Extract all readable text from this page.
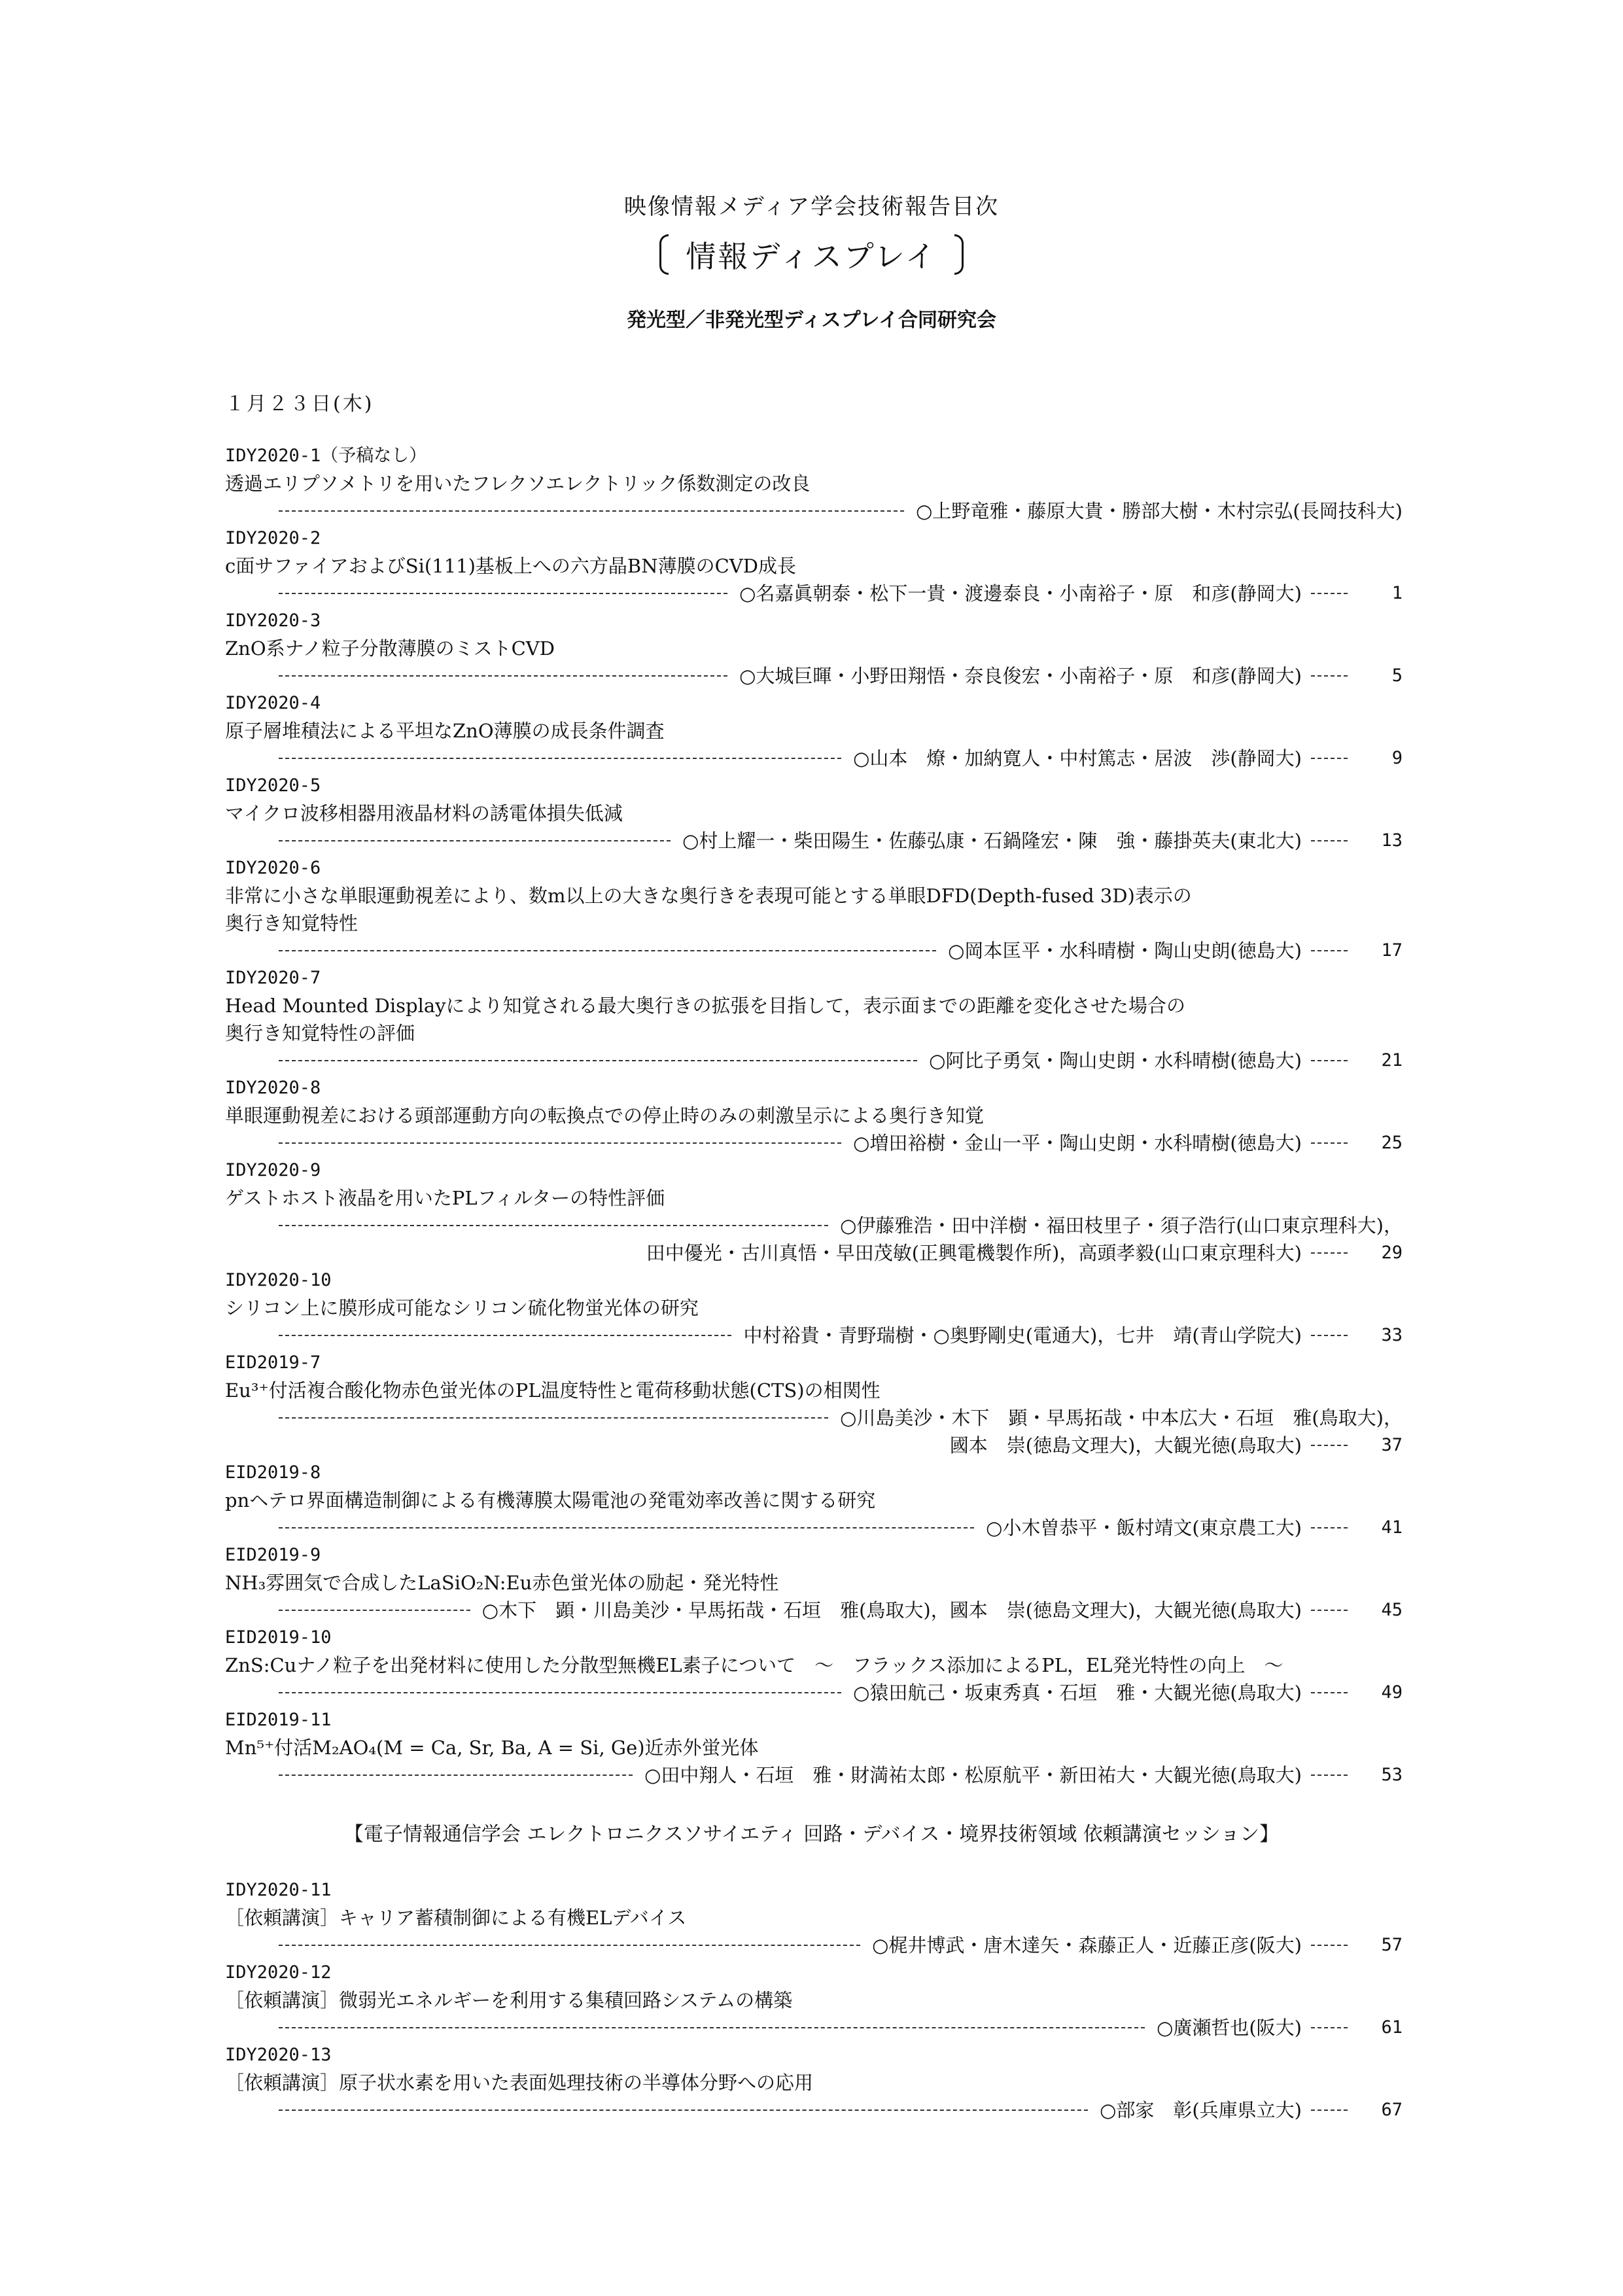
映像情報メディア学会技術報告目次
情報ディスプレイ
発光型／非発光型ディスプレイ合同研究会
１月２３日(木)
IDY2020-1（予稿なし）
透過エリプソメトリを用いたフレクソエレクトリック係数測定の改良
○上野竜雅・藤原大貴・勝部大樹・木村宗弘(長岡技科大)
IDY2020-2
c面サファイアおよびSi(111)基板上への六方晶BN薄膜のCVD成長
○名嘉眞朝泰・松下一貴・渡邊泰良・小南裕子・原　和彦(静岡大)	1
IDY2020-3
ZnO系ナノ粒子分散薄膜のミストCVD
○大城巨暉・小野田翔悟・奈良俊宏・小南裕子・原　和彦(静岡大)	5
IDY2020-4
原子層堆積法による平坦なZnO薄膜の成長条件調査
○山本　燎・加納寛人・中村篤志・居波　渉(静岡大)	9
IDY2020-5
マイクロ波移相器用液晶材料の誘電体損失低減
○村上耀一・柴田陽生・佐藤弘康・石鍋隆宏・陳　強・藤掛英夫(東北大)	13
IDY2020-6
非常に小さな単眼運動視差により、数m以上の大きな奥行きを表現可能とする単眼DFD(Depth-fused 3D)表示の
奥行き知覚特性
○岡本匡平・水科晴樹・陶山史朗(徳島大)	17
IDY2020-7
Head Mounted Displayにより知覚される最大奥行きの拡張を目指して，表示面までの距離を変化させた場合の
奥行き知覚特性の評価
○阿比子勇気・陶山史朗・水科晴樹(徳島大)	21
IDY2020-8
単眼運動視差における頭部運動方向の転換点での停止時のみの刺激呈示による奥行き知覚
○増田裕樹・金山一平・陶山史朗・水科晴樹(徳島大)	25
IDY2020-9
ゲストホスト液晶を用いたPLフィルターの特性評価
○伊藤雅浩・田中洋樹・福田枝里子・須子浩行(山口東京理科大)，
田中優光・古川真悟・早田茂敏(正興電機製作所)，高頭孝毅(山口東京理科大)	29
IDY2020-10
シリコン上に膜形成可能なシリコン硫化物蛍光体の研究
中村裕貴・青野瑞樹・○奥野剛史(電通大)，七井　靖(青山学院大)	33
EID2019-7
Eu³⁺付活複合酸化物赤色蛍光体のPL温度特性と電荷移動状態(CTS)の相関性
○川島美沙・木下　顕・早馬拓哉・中本広大・石垣　雅(鳥取大)，
國本　崇(徳島文理大)，大観光徳(鳥取大)	37
EID2019-8
pnヘテロ界面構造制御による有機薄膜太陽電池の発電効率改善に関する研究
○小木曽恭平・飯村靖文(東京農工大)	41
EID2019-9
NH₃雰囲気で合成したLaSiO₂N:Eu赤色蛍光体の励起・発光特性
○木下　顕・川島美沙・早馬拓哉・石垣　雅(鳥取大)，國本　崇(徳島文理大)，大観光徳(鳥取大)	45
EID2019-10
ZnS:Cuナノ粒子を出発材料に使用した分散型無機EL素子について　～　フラックス添加によるPL，EL発光特性の向上　～
○猿田航己・坂東秀真・石垣　雅・大観光徳(鳥取大)	49
EID2019-11
Mn⁵⁺付活M₂AO₄(M = Ca, Sr, Ba, A = Si, Ge)近赤外蛍光体
○田中翔人・石垣　雅・財満祐太郎・松原航平・新田祐大・大観光徳(鳥取大)	53
【電子情報通信学会 エレクトロニクスソサイエティ 回路・デバイス・境界技術領域 依頼講演セッション】
IDY2020-11
［依頼講演］キャリア蓄積制御による有機ELデバイス
○梶井博武・唐木達矢・森藤正人・近藤正彦(阪大)	57
IDY2020-12
［依頼講演］微弱光エネルギーを利用する集積回路システムの構築
○廣瀬哲也(阪大)	61
IDY2020-13
［依頼講演］原子状水素を用いた表面処理技術の半導体分野への応用
○部家　彰(兵庫県立大)	67
